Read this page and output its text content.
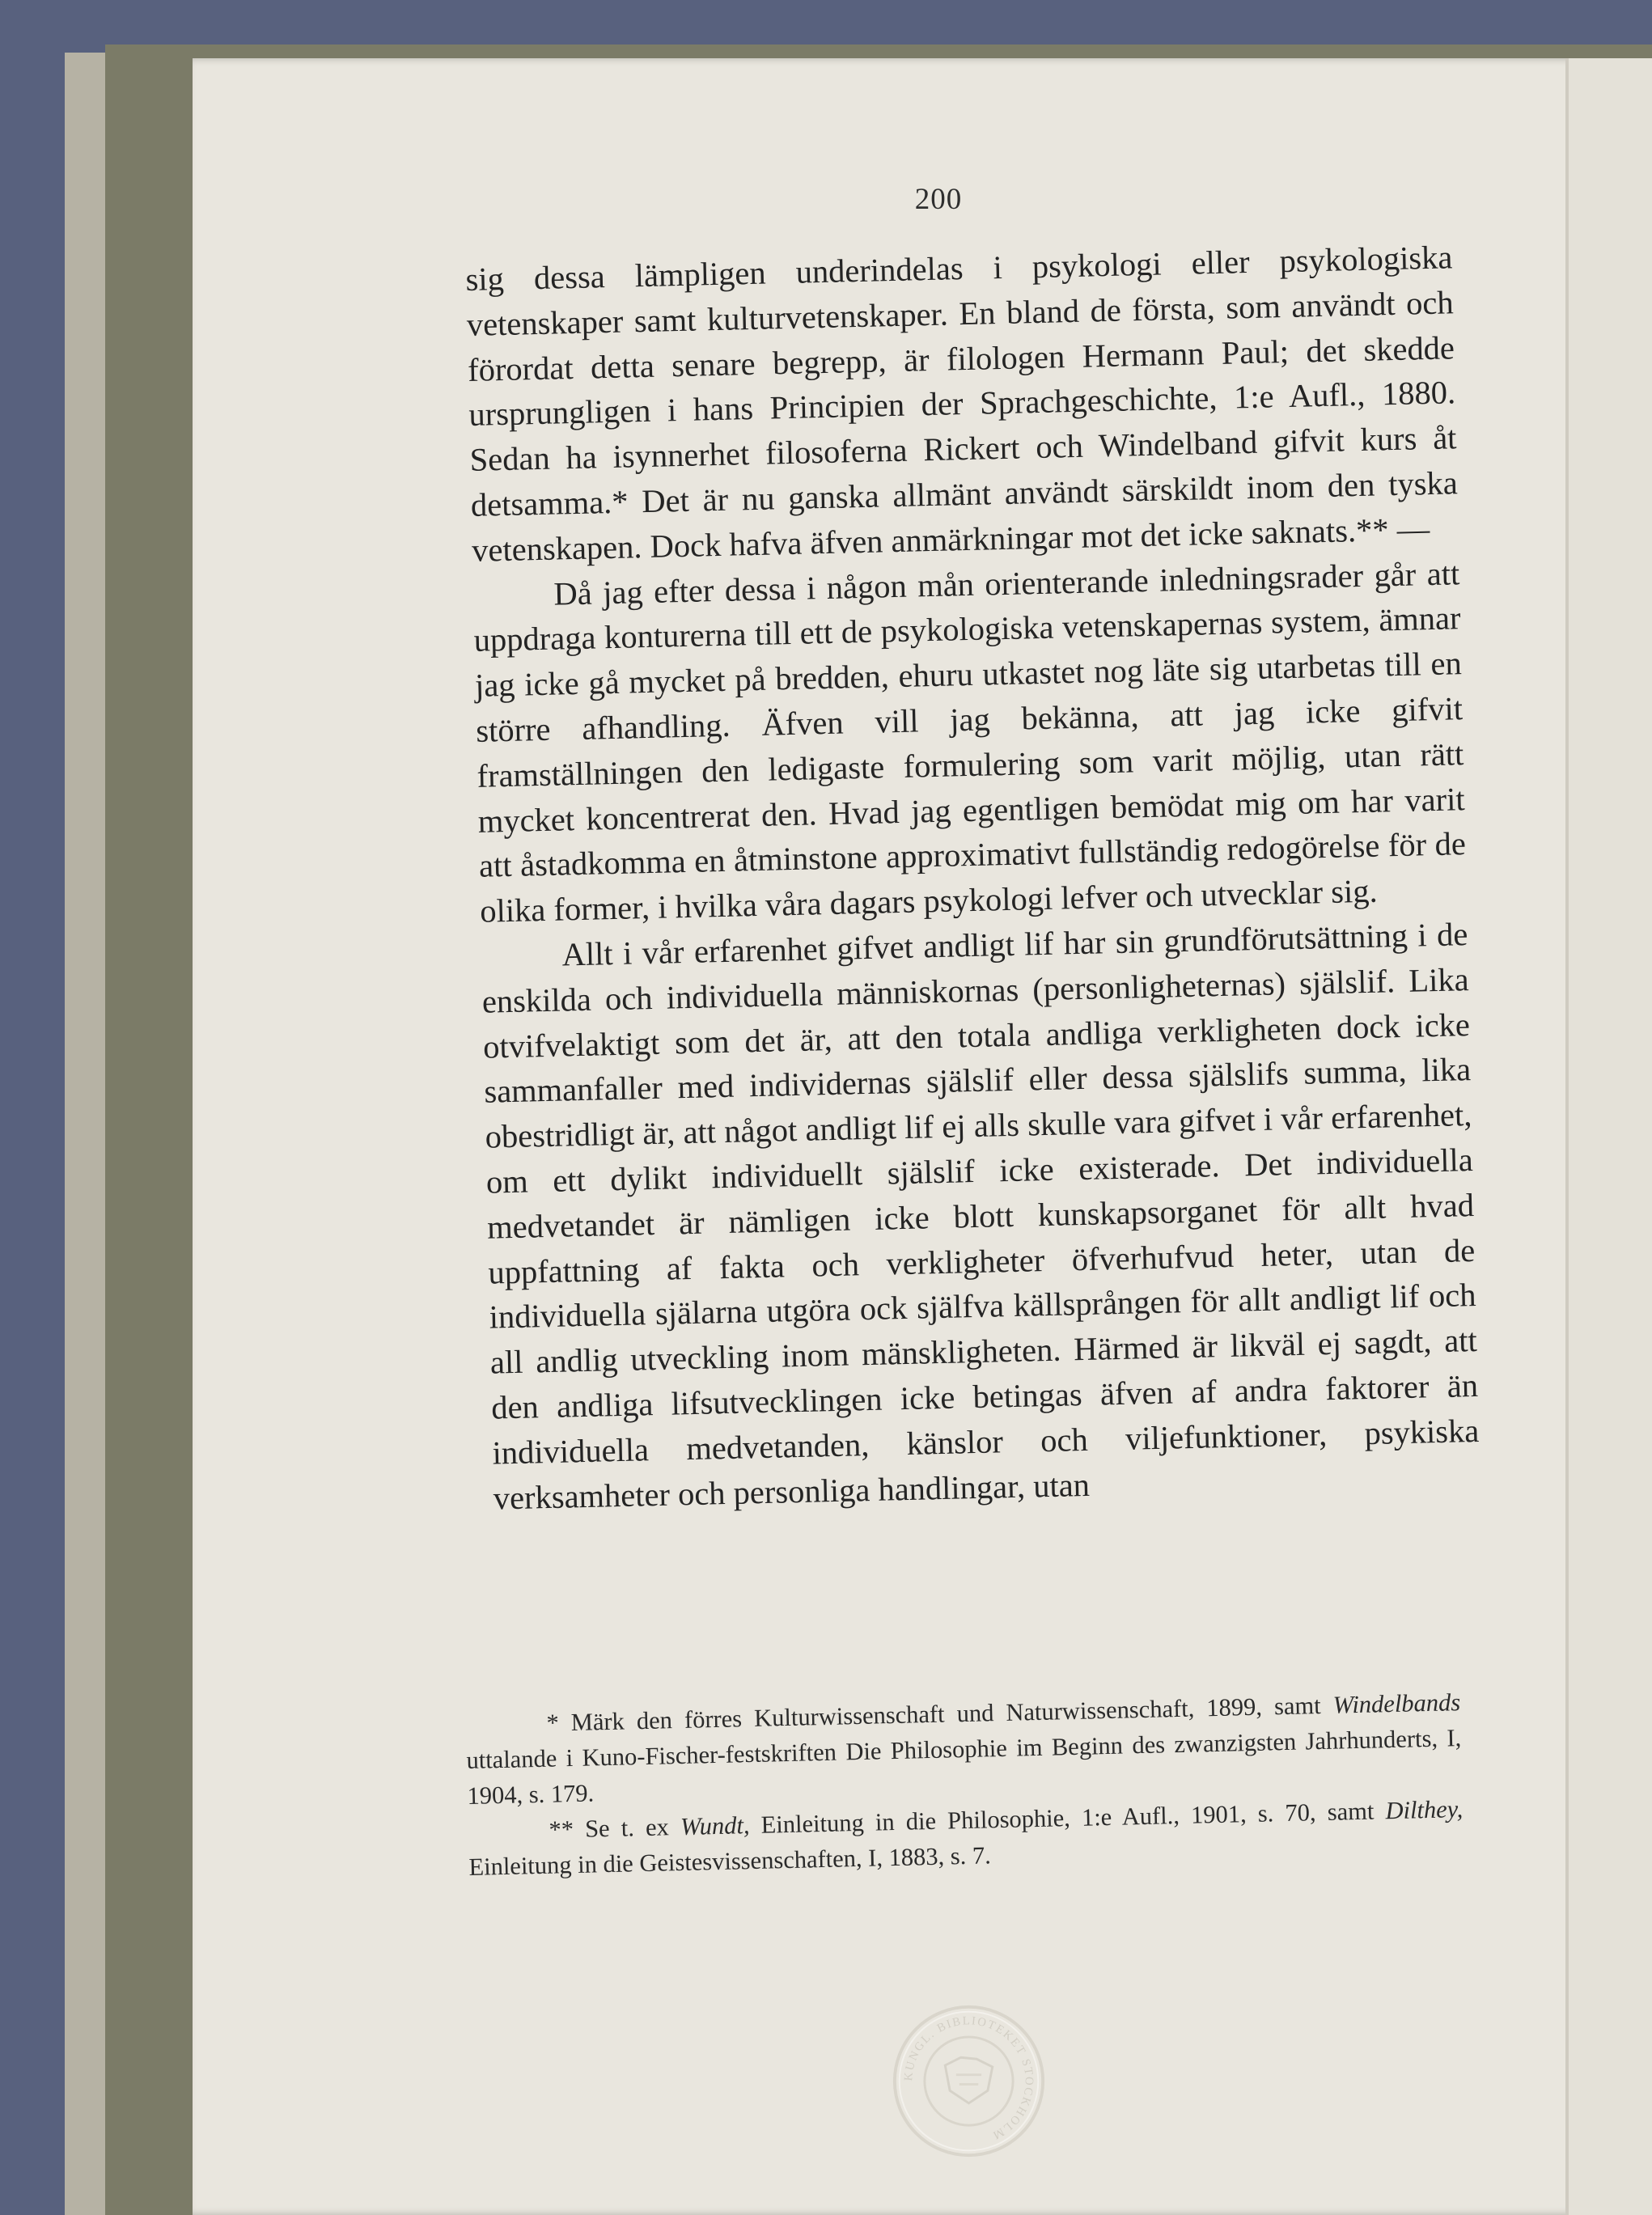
200

sig dessa lämpligen underindelas i psykologi eller psykologiska vetenskaper samt kulturvetenskaper. En bland de första, som användt och förordat detta senare begrepp, är filologen Hermann Paul; det skedde ursprungligen i hans Principien der Sprachgeschichte, 1:e Aufl., 1880. Sedan ha isynnerhet filosoferna Rickert och Windelband gifvit kurs åt detsamma.* Det är nu ganska allmänt användt särskildt inom den tyska vetenskapen. Dock hafva äfven anmärkningar mot det icke saknats.** —

Då jag efter dessa i någon mån orienterande inledningsrader går att uppdraga konturerna till ett de psykologiska vetenskapernas system, ämnar jag icke gå mycket på bredden, ehuru utkastet nog läte sig utarbetas till en större afhandling. Äfven vill jag bekänna, att jag icke gifvit framställningen den ledigaste formulering som varit möjlig, utan rätt mycket koncentrerat den. Hvad jag egentligen bemödat mig om har varit att åstadkomma en åtminstone approximativt fullständig redogörelse för de olika former, i hvilka våra dagars psykologi lefver och utvecklar sig.

Allt i vår erfarenhet gifvet andligt lif har sin grundförutsättning i de enskilda och individuella människornas (personligheternas) själslif. Lika otvifvelaktigt som det är, att den totala andliga verkligheten dock icke sammanfaller med individernas själslif eller dessa själslifs summa, lika obestridligt är, att något andligt lif ej alls skulle vara gifvet i vår erfarenhet, om ett dylikt individuellt själslif icke existerade. Det individuella medvetandet är nämligen icke blott kunskapsorganet för allt hvad uppfattning af fakta och verkligheter öfverhufvud heter, utan de individuella själarna utgöra ock själfva källsprången för allt andligt lif och all andlig utveckling inom mänskligheten. Härmed är likväl ej sagdt, att den andliga lifsutvecklingen icke betingas äfven af andra faktorer än individuella medvetanden, känslor och viljefunktioner, psykiska verksamheter och personliga handlingar, utan

* Märk den förres Kulturwissenschaft und Naturwissenschaft, 1899, samt Windelbands uttalande i Kuno-Fischer-festskriften Die Philosophie im Beginn des zwanzigsten Jahrhunderts, I, 1904, s. 179.

** Se t. ex Wundt, Einleitung in die Philosophie, 1:e Aufl., 1901, s. 70, samt Dilthey, Einleitung in die Geistesvissenschaften, I, 1883, s. 7.

KUNGL. BIBLIOTEKET STOCKHOLM
